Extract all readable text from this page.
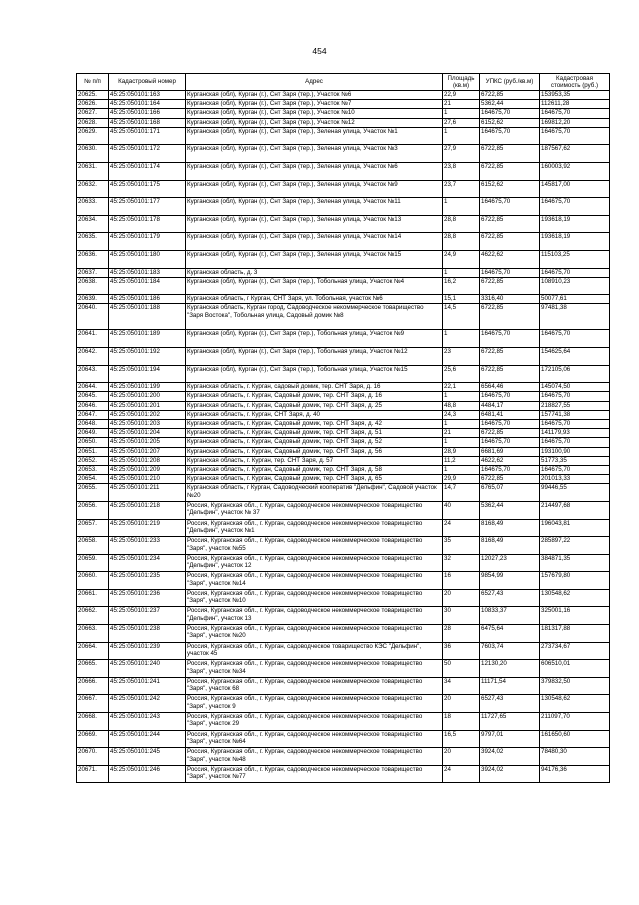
454
№ п/п	Кадастровый номер	Адрес	Площадь (кв.м)	УПКС (руб./кв.м)	Кадастровая стоимость (руб.)
20625.	45:25:050101:163	Курганская (обл), Курган (г.), Снт Заря (тер.), Участок №6	22,9	6722,85	153953,35
20626.	45:25:050101:164	Курганская (обл), Курган (г.), Снт Заря (тер.), Участок №7	21	5362,44	112611,28
20627.	45:25:050101:166	Курганская (обл), Курган (г.), Снт Заря (тер.), Участок №10	1	164675,70	164675,70
20628.	45:25:050101:168	Курганская (обл), Курган (г.), Снт Заря (тер.), Участок №12	27,6	6152,62	169812,20
20629.	45:25:050101:171	Курганская (обл), Курган (г.), Снт Заря (тер.), Зеленая улица, Участок №1	1	164675,70	164675,70
20630.	45:25:050101:172	Курганская (обл), Курган (г.), Снт Заря (тер.), Зеленая улица, Участок №3	27,9	6722,85	187567,62
20631.	45:25:050101:174	Курганская (обл), Курган (г.), Снт Заря (тер.), Зеленая улица, Участок №6	23,8	6722,85	160003,92
20632.	45:25:050101:175	Курганская (обл), Курган (г.), Снт Заря (тер.), Зеленая улица, Участок №9	23,7	6152,62	145817,00
20633.	45:25:050101:177	Курганская (обл), Курган (г.), Снт Заря (тер.), Зеленая улица, Участок №11	1	164675,70	164675,70
20634.	45:25:050101:178	Курганская (обл), Курган (г.), Снт Заря (тер.), Зеленая улица, Участок №13	28,8	6722,85	193618,19
20635.	45:25:050101:179	Курганская (обл), Курган (г.), Снт Заря (тер.), Зеленая улица, Участок №14	28,8	6722,85	193618,19
20636.	45:25:050101:180	Курганская (обл), Курган (г.), Снт Заря (тер.), Зеленая улица, Участок №15	24,9	4622,62	115103,25
20637.	45:25:050101:183	Курганская область, д. 3	1	164675,70	164675,70
20638.	45:25:050101:184	Курганская (обл), Курган (г.), Снт Заря (тер.), Тобольная улица, Участок №4	16,2	6722,85	108910,23
20639.	45:25:050101:186	Курганская область, г Курган, СНТ Заря, ул. Тобольная, участок №6	15,1	3316,40	50077,61
20640.	45:25:050101:188	Курганская область, Курган город, Садоводческое некоммерческое товарищество "Заря Востока", Тобольная улица, Садовый домик №8	14,5	6722,85	97481,38
20641.	45:25:050101:189	Курганская (обл), Курган (г.), Снт Заря (тер.), Тобольная улица, Участок №9	1	164675,70	164675,70
20642.	45:25:050101:192	Курганская (обл), Курган (г.), Снт Заря (тер.), Тобольная улица, Участок №12	23	6722,85	154625,64
20643.	45:25:050101:194	Курганская (обл), Курган (г.), Снт Заря (тер.), Тобольная улица, Участок №15	25,6	6722,85	172105,06
20644.	45:25:050101:199	Курганская область, г. Курган, садовый домик, тер. СНТ Заря, д. 16	22,1	6564,46	145074,50
20645.	45:25:050101:200	Курганская область, г. Курган, Садовый домик, тер. СНТ Заря, д. 16	1	164675,70	164675,70
20646.	45:25:050101:201	Курганская область, г. Курган, Садовый домик, тер. СНТ Заря, д. 25	48,8	4484,17	218827,55
20647.	45:25:050101:202	Курганская область, г. Курган, СНТ Заря, д. 40	24,3	6481,41	157741,38
20648.	45:25:050101:203	Курганская область, г. Курган, Садовый домик, тер. СНТ Заря, д. 42	1	164675,70	164675,70
20649.	45:25:050101:204	Курганская область, г. Курган, Садовый домик, тер. СНТ Заря, д. 51	21	6722,85	141179,93
20650.	45:25:050101:205	Курганская область, г. Курган, Садовый домик, тер. СНТ Заря, д. 52	1	164675,70	164675,70
20651.	45:25:050101:207	Курганская область, г. Курган, Садовый домик, тер. СНТ Заря, д. 56	28,9	6681,69	193100,90
20652.	45:25:050101:208	Курганская область, г. Курган, тер. СНТ Заря, д. 57	11,2	4622,62	51773,35
20653.	45:25:050101:209	Курганская область, г. Курган, Садовый домик, тер. СНТ Заря, д. 58	1	164675,70	164675,70
20654.	45:25:050101:210	Курганская область, г. Курган, Садовый домик, тер. СНТ Заря, д. 65	29,9	6722,85	201013,33
20655.	45:25:050101:211	Курганская область, г Курган, Садоводческий кооператив "Дельфин", Садовой участок №20	14,7	6765,07	99446,55
20656.	45:25:050101:218	Россия, Курганская обл., г. Курган, садоводческое некоммерческое товарищество "Дельфин", участок № 37	40	5362,44	214497,68
20657.	45:25:050101:219	Россия, Курганская обл., г. Курган, садоводческое некоммерческое товарищество "Дельфин", участок №1	24	8168,49	196043,81
20658.	45:25:050101:233	Россия, Курганская обл., г. Курган, садоводческое некоммерческое товарищество "Заря", участок №55	35	8168,49	285897,22
20659.	45:25:050101:234	Россия, Курганская обл., г. Курган, садоводческое некоммерческое товарищество "Дельфин", участок 12	32	12027,23	384871,35
20660.	45:25:050101:235	Россия, Курганская обл., г. Курган, садоводческое некоммерческое товарищество "Заря", участок №14	16	9854,99	157679,80
20661.	45:25:050101:236	Россия, Курганская обл., г. Курган, садоводческое некоммерческое товарищество "Заря", участок №10	20	6527,43	130548,62
20662.	45:25:050101:237	Россия, Курганская обл., г. Курган, садоводческое некоммерческое товарищество "Дельфин", участок 13	30	10833,37	325001,16
20663.	45:25:050101:238	Россия, Курганская обл., г. Курган, садоводческое некоммерческое товарищество "Заря", участок №20	28	6475,64	181317,88
20664.	45:25:050101:239	Россия, Курганская обл., г. Курган, садоводческое товарищество КЭС "Дельфин", участок 45	36	7603,74	273734,67
20665.	45:25:050101:240	Россия, Курганская обл., г. Курган, садоводческое некоммерческое товарищество "Заря", участок №34	50	12130,20	606510,01
20666.	45:25:050101:241	Россия, Курганская обл., г. Курган, садоводческое некоммерческое товарищество "Заря", участок 68	34	11171,54	379832,50
20667.	45:25:050101:242	Россия, Курганская обл., г. Курган, садоводческое некоммерческое товарищество "Заря", участок 9	20	6527,43	130548,62
20668.	45:25:050101:243	Россия, Курганская обл., г. Курган, садоводческое некоммерческое товарищество "Заря", участок 29	18	11727,65	211097,70
20669.	45:25:050101:244	Россия, Курганская обл., г. Курган, садоводческое некоммерческое товарищество "Заря", участок №64	16,5	9797,01	161650,60
20670.	45:25:050101:245	Россия, Курганская обл., г. Курган, садоводческое некоммерческое товарищество "Заря", участок №48	20	3924,02	78480,30
20671.	45:25:050101:246	Россия, Курганская обл., г. Курган, садоводческое некоммерческое товарищество "Заря", участок №77	24	3924,02	94176,36
